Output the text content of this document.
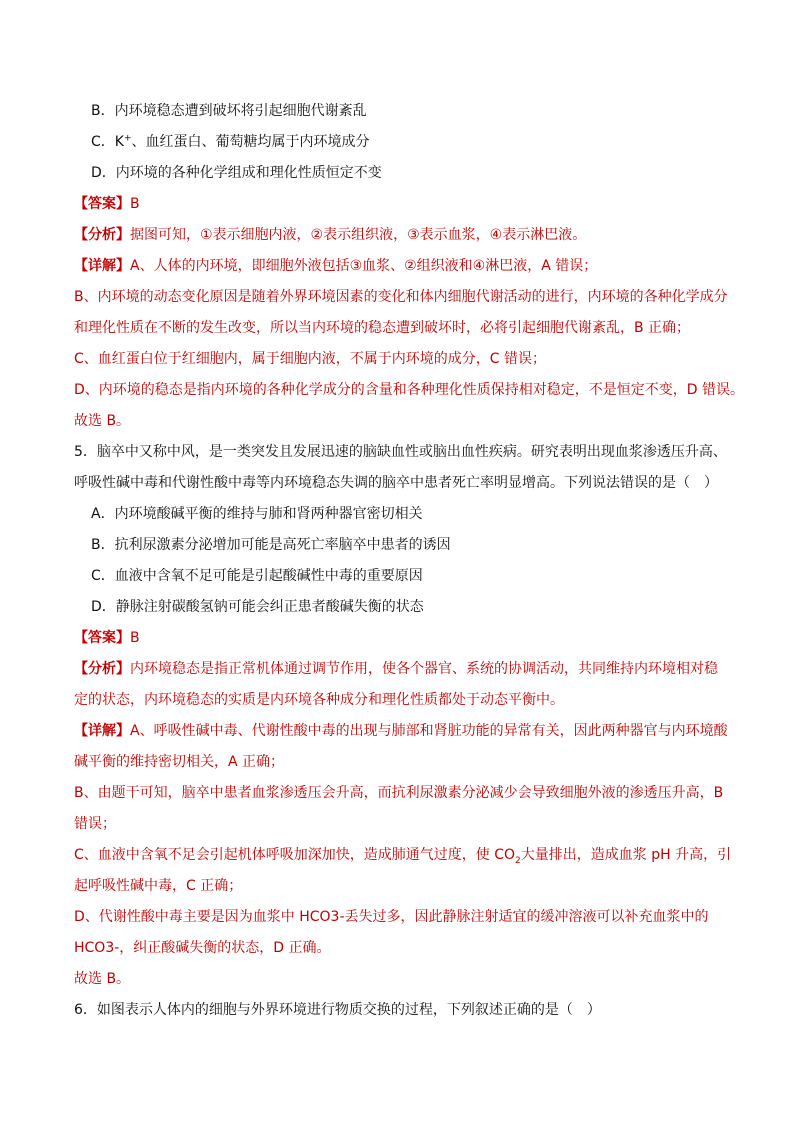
B．内环境稳态遭到破坏将引起细胞代谢紊乱
C．K+、血红蛋白、葡萄糖均属于内环境成分
D．内环境的各种化学组成和理化性质恒定不变
【答案】B
【分析】据图可知，①表示细胞内液，②表示组织液，③表示血浆，④表示淋巴液。
【详解】A、人体的内环境，即细胞外液包括③血浆、②组织液和④淋巴液，A 错误；
B、内环境的动态变化原因是随着外界环境因素的变化和体内细胞代谢活动的进行，内环境的各种化学成分
和理化性质在不断的发生改变，所以当内环境的稳态遭到破坏时，必将引起细胞代谢紊乱，B 正确；
C、血红蛋白位于红细胞内，属于细胞内液，不属于内环境的成分，C 错误；
D、内环境的稳态是指内环境的各种化学成分的含量和各种理化性质保持相对稳定，不是恒定不变，D 错误。
故选 B。
5．脑卒中又称中风，是一类突发且发展迅速的脑缺血性或脑出血性疾病。研究表明出现血浆渗透压升高、
呼吸性碱中毒和代谢性酸中毒等内环境稳态失调的脑卒中患者死亡率明显增高。下列说法错误的是（　）
A．内环境酸碱平衡的维持与肺和肾两种器官密切相关
B．抗利尿激素分泌增加可能是高死亡率脑卒中患者的诱因
C．血液中含氧不足可能是引起酸碱性中毒的重要原因
D．静脉注射碳酸氢钠可能会纠正患者酸碱失衡的状态
【答案】B
【分析】内环境稳态是指正常机体通过调节作用，使各个器官、系统的协调活动，共同维持内环境相对稳
定的状态，内环境稳态的实质是内环境各种成分和理化性质都处于动态平衡中。
【详解】A、呼吸性碱中毒、代谢性酸中毒的出现与肺部和肾脏功能的异常有关，因此两种器官与内环境酸
碱平衡的维持密切相关，A 正确；
B、由题干可知，脑卒中患者血浆渗透压会升高，而抗利尿激素分泌减少会导致细胞外液的渗透压升高，B
错误；
C、血液中含氧不足会引起机体呼吸加深加快，造成肺通气过度，使 $CO_2$大量排出，造成血浆 pH 升高，引
起呼吸性碱中毒，C 正确；
D、代谢性酸中毒主要是因为血浆中 HCO3-丢失过多，因此静脉注射适宜的缓冲溶液可以补充血浆中的
HCO3-，纠正酸碱失衡的状态，D 正确。
故选 B。
6．如图表示人体内的细胞与外界环境进行物质交换的过程，下列叙述正确的是（　）
